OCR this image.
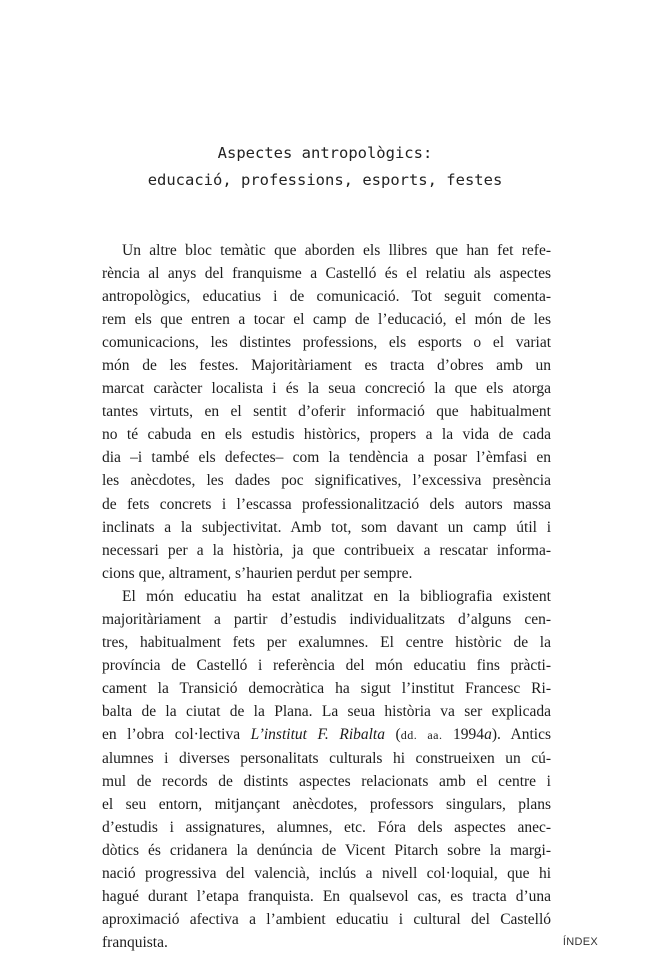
Aspectes antropològics:
educació, professions, esports, festes

Un altre bloc temàtic que aborden els llibres que han fet refe-
rència al anys del franquisme a Castelló és el relatiu als aspectes
antropològics, educatius i de comunicació. Tot seguit comenta-
rem els que entren a tocar el camp de l’educació, el món de les
comunicacions, les distintes professions, els esports o el variat
món de les festes. Majoritàriament es tracta d’obres amb un
marcat caràcter localista i és la seua concreció la que els atorga
tantes virtuts, en el sentit d’oferir informació que habitualment
no té cabuda en els estudis històrics, propers a la vida de cada
dia –i també els defectes– com la tendència a posar l’èmfasi en
les anècdotes, les dades poc significatives, l’excessiva presència
de fets concrets i l’escassa professionalització dels autors massa
inclinats a la subjectivitat. Amb tot, som davant un camp útil i
necessari per a la història, ja que contribueix a rescatar informa-
cions que, altrament, s’haurien perdut per sempre.

El món educatiu ha estat analitzat en la bibliografia existent
majoritàriament a partir d’estudis individualitzats d’alguns cen-
tres, habitualment fets per exalumnes. El centre històric de la
província de Castelló i referència del món educatiu fins pràcti-
cament la Transició democràtica ha sigut l’institut Francesc Ri-
balta de la ciutat de la Plana. La seua història va ser explicada
en l’obra col·lectiva L’institut F. Ribalta (dd. aa. 1994a). Antics
alumnes i diverses personalitats culturals hi construeixen un cú-
mul de records de distints aspectes relacionats amb el centre i
el seu entorn, mitjançant anècdotes, professors singulars, plans
d’estudis i assignatures, alumnes, etc. Fóra dels aspectes anec-
dòtics és cridanera la denúncia de Vicent Pitarch sobre la margi-
nació progressiva del valencià, inclús a nivell col·loquial, que hi
hagué durant l’etapa franquista. En qualsevol cas, es tracta d’una
aproximació afectiva a l’ambient educatiu i cultural del Castelló
franquista.	ÍNDEX
